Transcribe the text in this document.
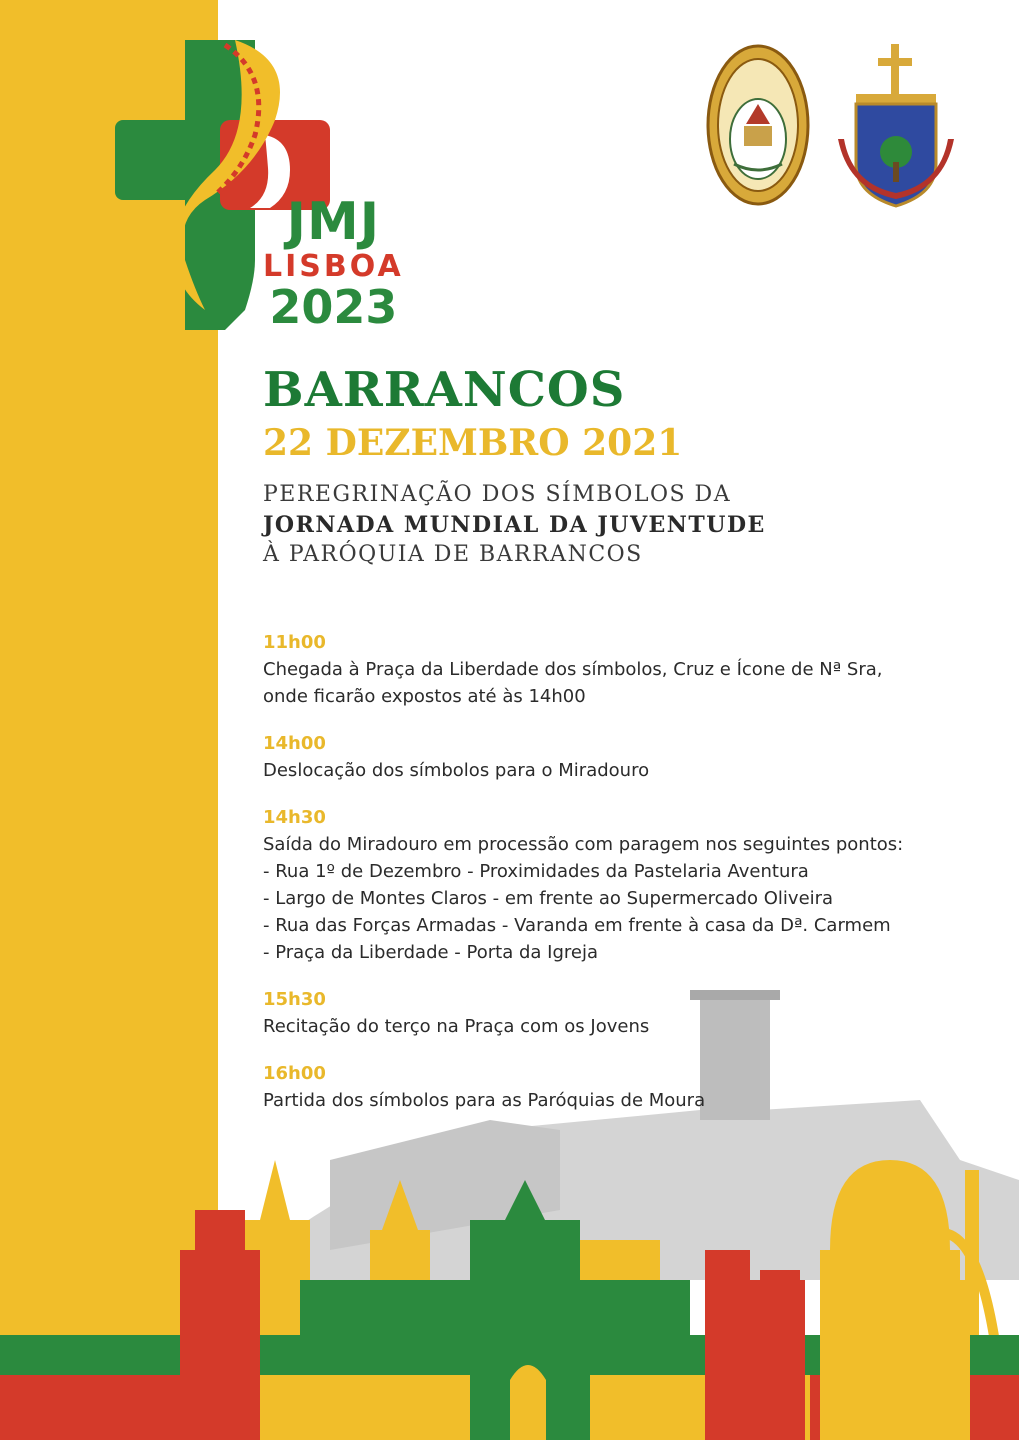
JMJ
LISBOA
2023
BARRANCOS
22 DEZEMBRO 2021
PEREGRINAÇÃO DOS SÍMBOLOS DA
JORNADA MUNDIAL DA JUVENTUDE
À PARÓQUIA DE BARRANCOS
11h00
Chegada à Praça da Liberdade dos símbolos, Cruz e Ícone de Nª Sra,
onde ficarão expostos até às 14h00
14h00
Deslocação dos símbolos para o Miradouro
14h30
Saída do Miradouro em processão com paragem nos seguintes pontos:
- Rua 1º de Dezembro - Proximidades da Pastelaria Aventura
- Largo de Montes Claros - em frente ao Supermercado Oliveira
- Rua das Forças Armadas - Varanda em frente à casa da Dª. Carmem
- Praça da Liberdade - Porta da Igreja
15h30
Recitação do terço na Praça com os Jovens
16h00
Partida dos símbolos para as Paróquias de Moura
